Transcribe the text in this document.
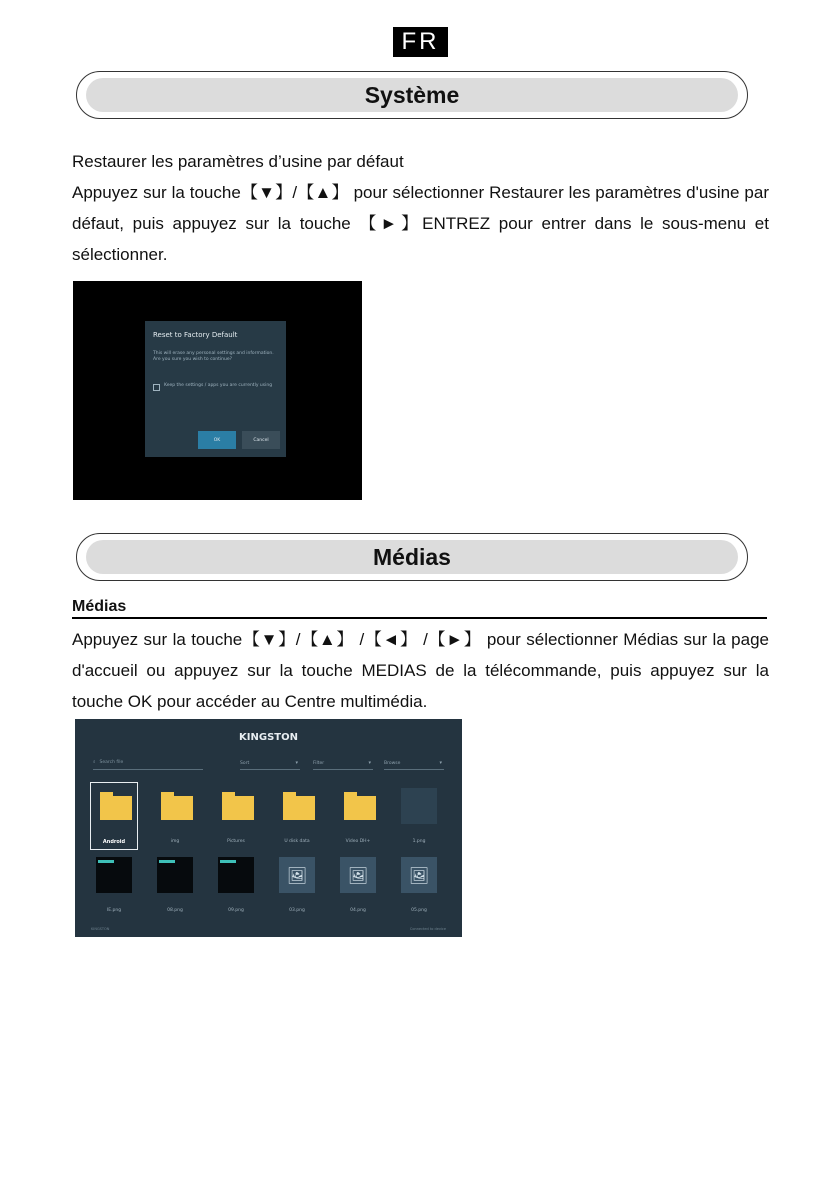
FR
Système

Restaurer les paramètres d’usine par défaut

Appuyez sur la touche【▼】/【▲】 pour sélectionner Restaurer les paramètres d'usine par défaut, puis appuyez sur la touche 【►】ENTREZ pour entrer dans le sous-menu et sélectionner.

Reset to Factory Default
This will erase any personal settings and information. Are you sure you wish to continue?
Keep the settings / apps you are currently using
OK	Cancel
Médias
Médias

Appuyez sur la touche【▼】/【▲】 /【◄】 /【►】 pour sélectionner Médias sur la page d'accueil ou appuyez sur la touche MEDIAS de la télécommande, puis appuyez sur la touche OK pour accéder au Centre multimédia.

KINGSTON
⌕ Search file	Sort	▾	Filter	▾	Browse	▾
Android	img	Pictures	U disk data	Video DH+	1.png
IE.png	08.png	09.png
🖼
03.png
🖼
04.png
🖼
05.png
KINGSTON	Connected to device
